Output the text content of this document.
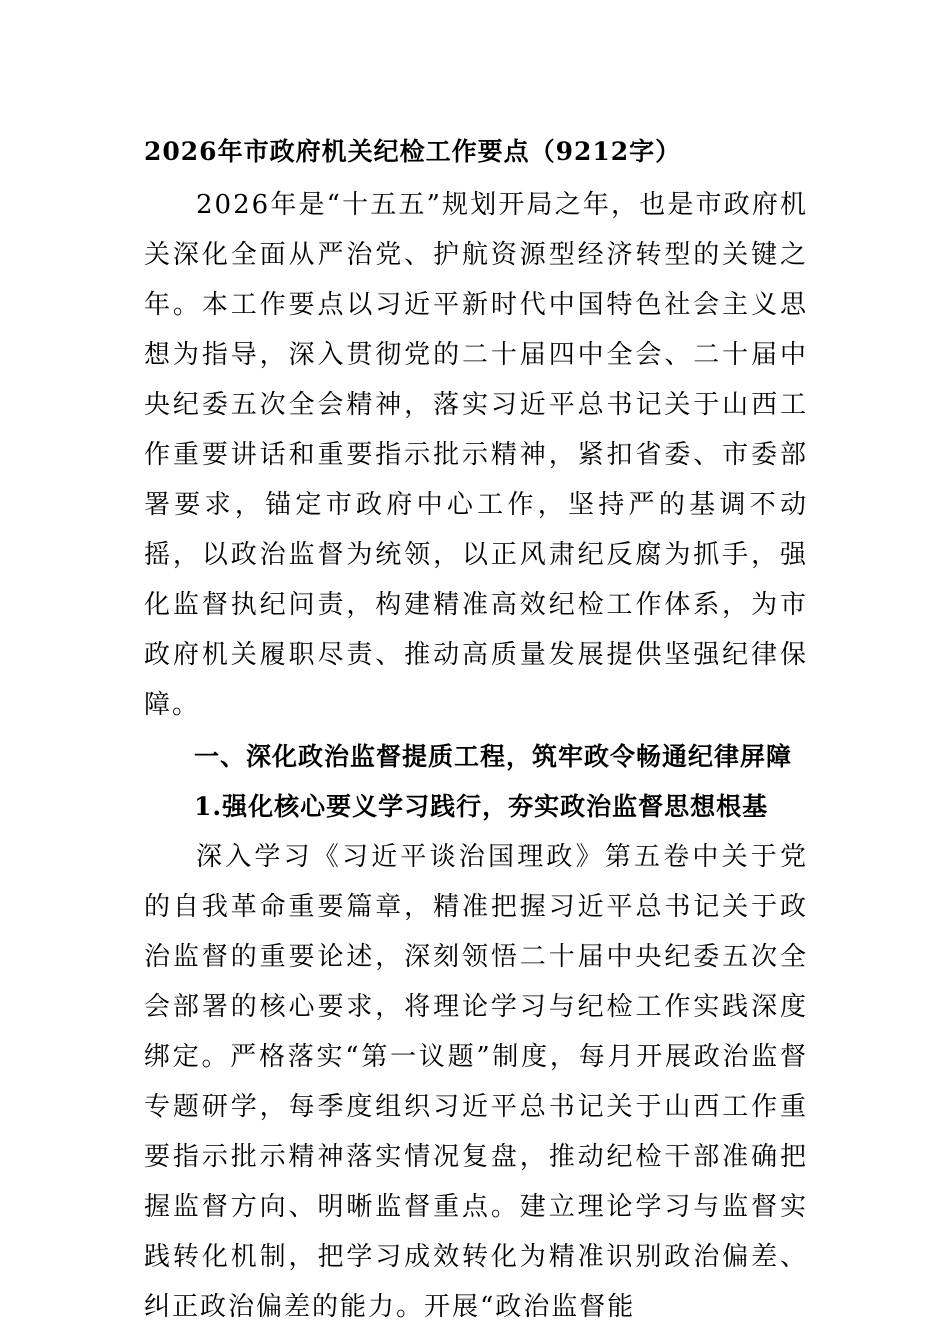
2026年市政府机关纪检工作要点（9212字）

2026年是“十五五”规划开局之年，也是市政府机关深化全面从严治党、护航资源型经济转型的关键之年。本工作要点以习近平新时代中国特色社会主义思想为指导，深入贯彻党的二十届四中全会、二十届中央纪委五次全会精神，落实习近平总书记关于山西工作重要讲话和重要指示批示精神，紧扣省委、市委部署要求，锚定市政府中心工作，坚持严的基调不动摇，以政治监督为统领，以正风肃纪反腐为抓手，强化监督执纪问责，构建精准高效纪检工作体系，为市政府机关履职尽责、推动高质量发展提供坚强纪律保障。

一、深化政治监督提质工程，筑牢政令畅通纪律屏障
1.强化核心要义学习践行，夯实政治监督思想根基

深入学习《习近平谈治国理政》第五卷中关于党的自我革命重要篇章，精准把握习近平总书记关于政治监督的重要论述，深刻领悟二十届中央纪委五次全会部署的核心要求，将理论学习与纪检工作实践深度绑定。严格落实“第一议题”制度，每月开展政治监督专题研学，每季度组织习近平总书记关于山西工作重要指示批示精神落实情况复盘，推动纪检干部准确把握监督方向、明晰监督重点。建立理论学习与监督实践转化机制，把学习成效转化为精准识别政治偏差、纠正政治偏差的能力。开展“政治监督能
